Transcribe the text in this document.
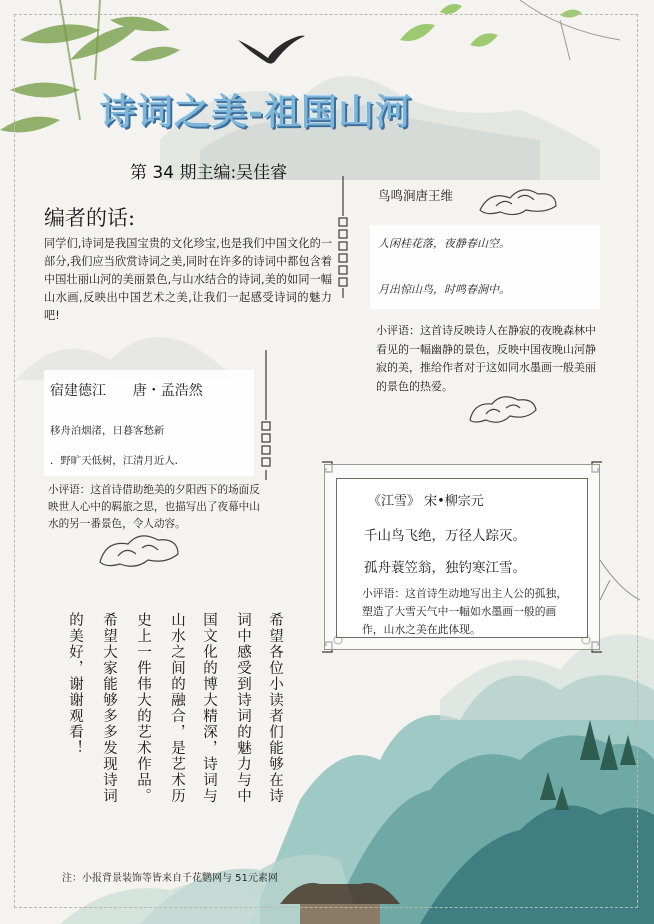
诗词之美-祖国山河
第 34 期主编:吴佳睿
编者的话:
同学们,诗词是我国宝贵的文化珍宝,也是我们中国文化的一部分,我们应当欣赏诗词之美,同时在许多的诗词中都包含着中国壮丽山河的美丽景色,与山水结合的诗词,美的如同一幅山水画,反映出中国艺术之美,让我们一起感受诗词的魅力吧!
鸟鸣涧唐王维
人闲桂花落，夜静春山空。
月出惊山鸟，时鸣春涧中。
小评语：这首诗反映诗人在静寂的夜晚森林中看见的一幅幽静的景色，反映中国夜晚山河静寂的美，推给作者对于这如同水墨画一般美丽的景色的热爱。
宿建德江      唐・孟浩然
移舟泊烟渚，日暮客愁新
．野旷天低树，江清月近人．
小评语：这首诗借助绝美的夕阳西下的场面反映世人心中的羁旅之思，也描写出了夜幕中山水的另一番景色，令人动容。
《江雪》 宋•柳宗元
千山鸟飞绝，万径人踪灭。
孤舟蓑笠翁，独钓寒江雪。
小评语：这首诗生动地写出主人公的孤独，塑造了大雪天气中一幅如水墨画一般的画作，山水之美在此体现。
希望各位小读者们能够在诗
词中感受到诗词的魅力与中
国文化的博大精深，诗词与
山水之间的融合，是艺术历
史上一件伟大的艺术作品。
希望大家能够多多发现诗词
的美好，谢谢观看！
注：小报背景装饰等皆来自千花鹦网与 51元素网
